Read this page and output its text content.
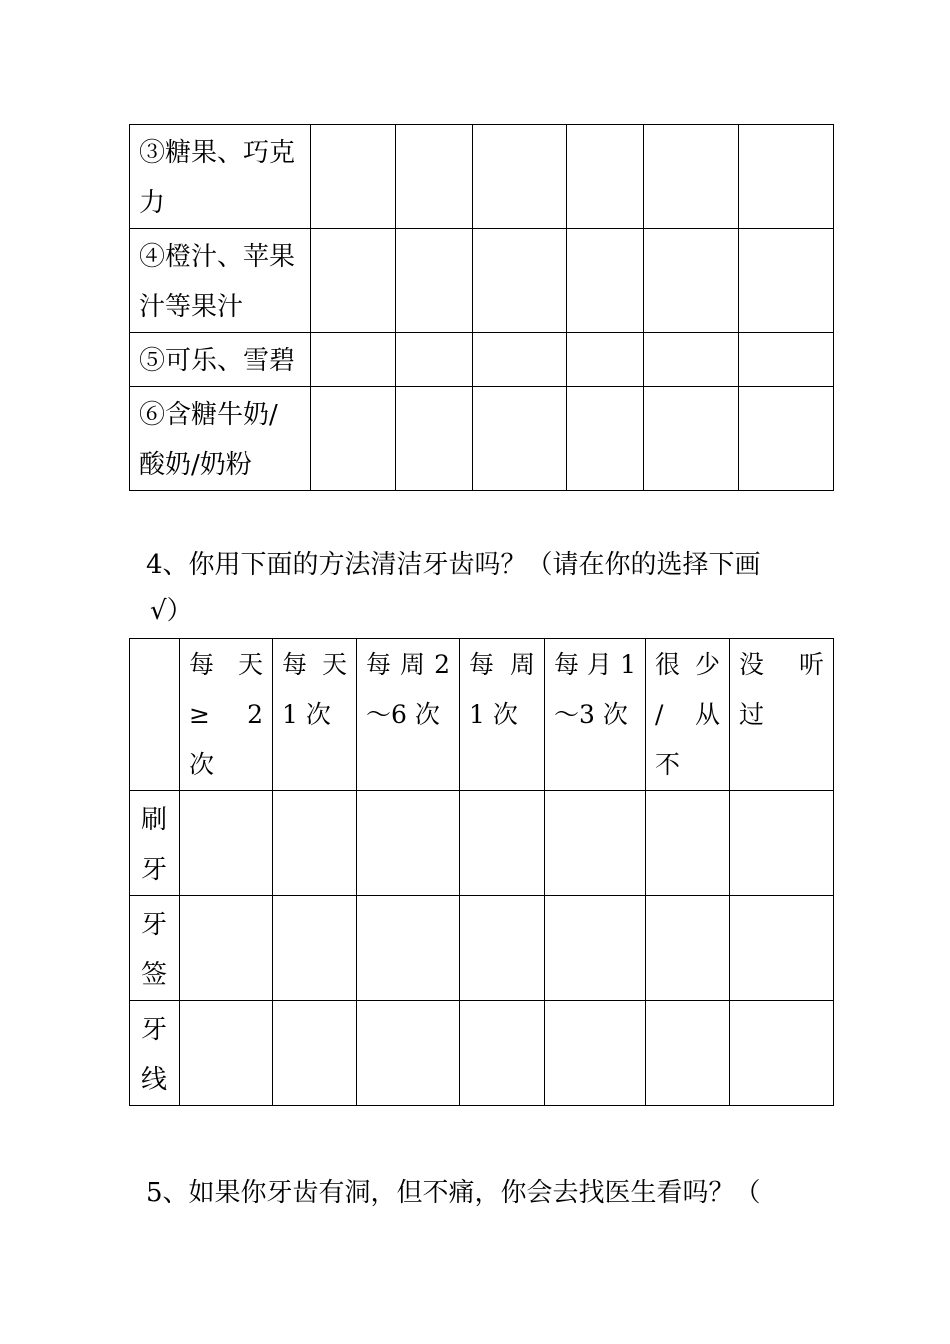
③糖果、巧克力						

④橙汁、苹果汁等果汁						

⑤可乐、雪碧						

⑥含糖牛奶/酸奶/奶粉						

4、你用下面的方法清洁牙齿吗？（请在你的选择下画
√）

	每 天 ≥ 2 次	每 天 1 次	每 周 2 ～6 次	每 周 1 次	每 月 1 ～3 次	很 少 / 从 不	没 听 过

刷牙							

牙签							

牙线							

5、如果你牙齿有洞，但不痛，你会去找医生看吗？（
